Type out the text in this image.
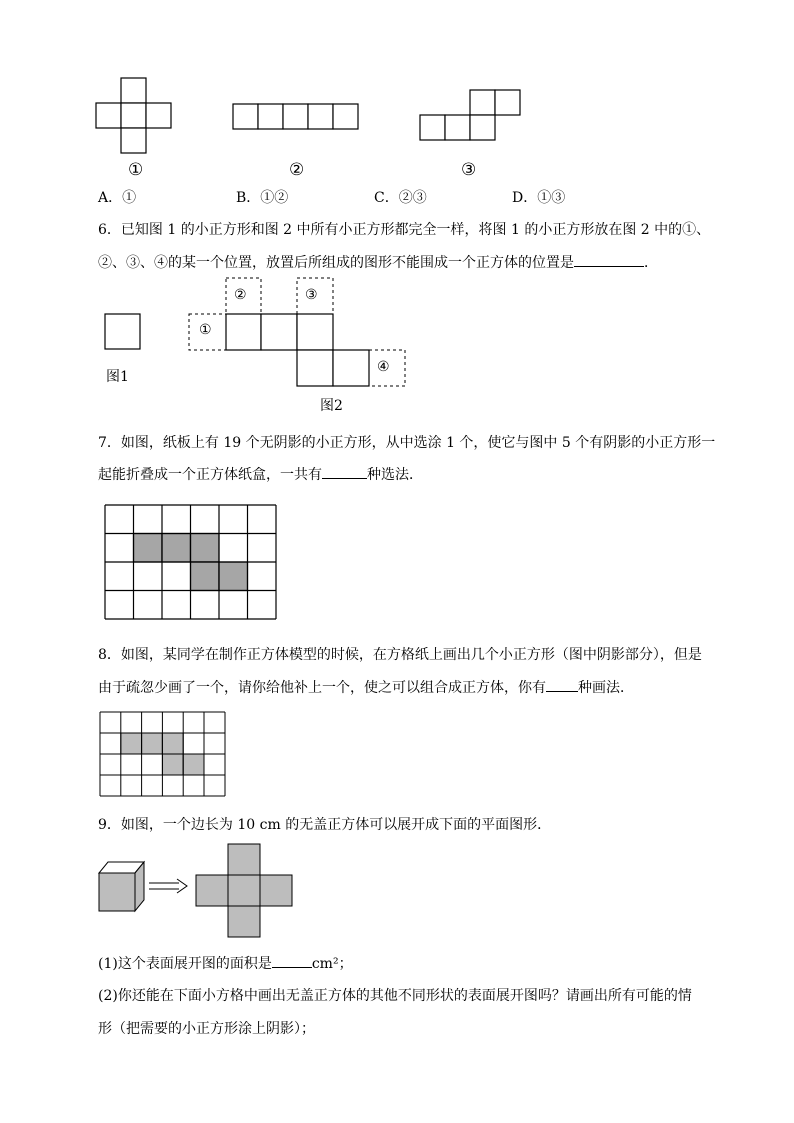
①	②	③
A．①	B．①②	C．②③	D．①③
6．已知图 1 的小正方形和图 2 中所有小正方形都完全一样，将图 1 的小正方形放在图 2 中的①、
②、③、④的某一个位置，放置后所组成的图形不能围成一个正方体的位置是	．
图1
①
②	③
④
图2
7．如图，纸板上有 19 个无阴影的小正方形，从中选涂 1 个，使它与图中 5 个有阴影的小正方形一
起能折叠成一个正方体纸盒，一共有	种选法．
8．如图，某同学在制作正方体模型的时候，在方格纸上画出几个小正方形（图中阴影部分），但是
由于疏忽少画了一个，请你给他补上一个，使之可以组合成正方体，你有 种画法．
9．如图，一个边长为 10 cm 的无盖正方体可以展开成下面的平面图形．
(1)这个表面展开图的面积是	cm²；
(2)你还能在下面小方格中画出无盖正方体的其他不同形状的表面展开图吗？请画出所有可能的情
形（把需要的小正方形涂上阴影）；
